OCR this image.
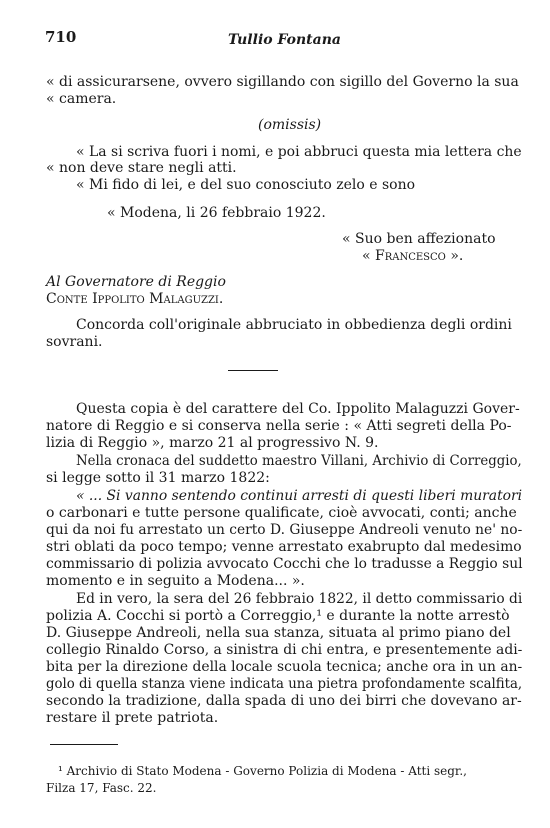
710	Tullio Fontana
« di assicurarsene, ovvero sigillando con sigillo del Governo la sua
« camera.
(omissis)
« La si scriva fuori i nomi, e poi abbruci questa mia lettera che
« non deve stare negli atti.
« Mi fido di lei, e del suo conosciuto zelo e sono
« Modena, li 26 febbraio 1922.
« Suo ben affezionato
« Francesco ».
Al Governatore di Reggio
Conte Ippolito Malaguzzi.
Concorda coll'originale abbruciato in obbedienza degli ordini
sovrani.
Questa copia è del carattere del Co. Ippolito Malaguzzi Gover-
natore di Reggio e si conserva nella serie : « Atti segreti della Po-
lizia di Reggio », marzo 21 al progressivo N. 9.
Nella cronaca del suddetto maestro Villani, Archivio di Correggio,
si legge sotto il 31 marzo 1822:
« ... Si vanno sentendo continui arresti di questi liberi muratori
o carbonari e tutte persone qualificate, cioè avvocati, conti; anche
qui da noi fu arrestato un certo D. Giuseppe Andreoli venuto ne' no-
stri oblati da poco tempo; venne arrestato exabrupto dal medesimo
commissario di polizia avvocato Cocchi che lo tradusse a Reggio sul
momento e in seguito a Modena... ».
Ed in vero, la sera del 26 febbraio 1822, il detto commissario di
polizia A. Cocchi si portò a Correggio,¹ e durante la notte arrestò
D. Giuseppe Andreoli, nella sua stanza, situata al primo piano del
collegio Rinaldo Corso, a sinistra di chi entra, e presentemente adi-
bita per la direzione della locale scuola tecnica; anche ora in un an-
golo di quella stanza viene indicata una pietra profondamente scalfita,
secondo la tradizione, dalla spada di uno dei birri che dovevano ar-
restare il prete patriota.
¹ Archivio di Stato Modena - Governo Polizia di Modena - Atti segr.,
Filza 17, Fasc. 22.
